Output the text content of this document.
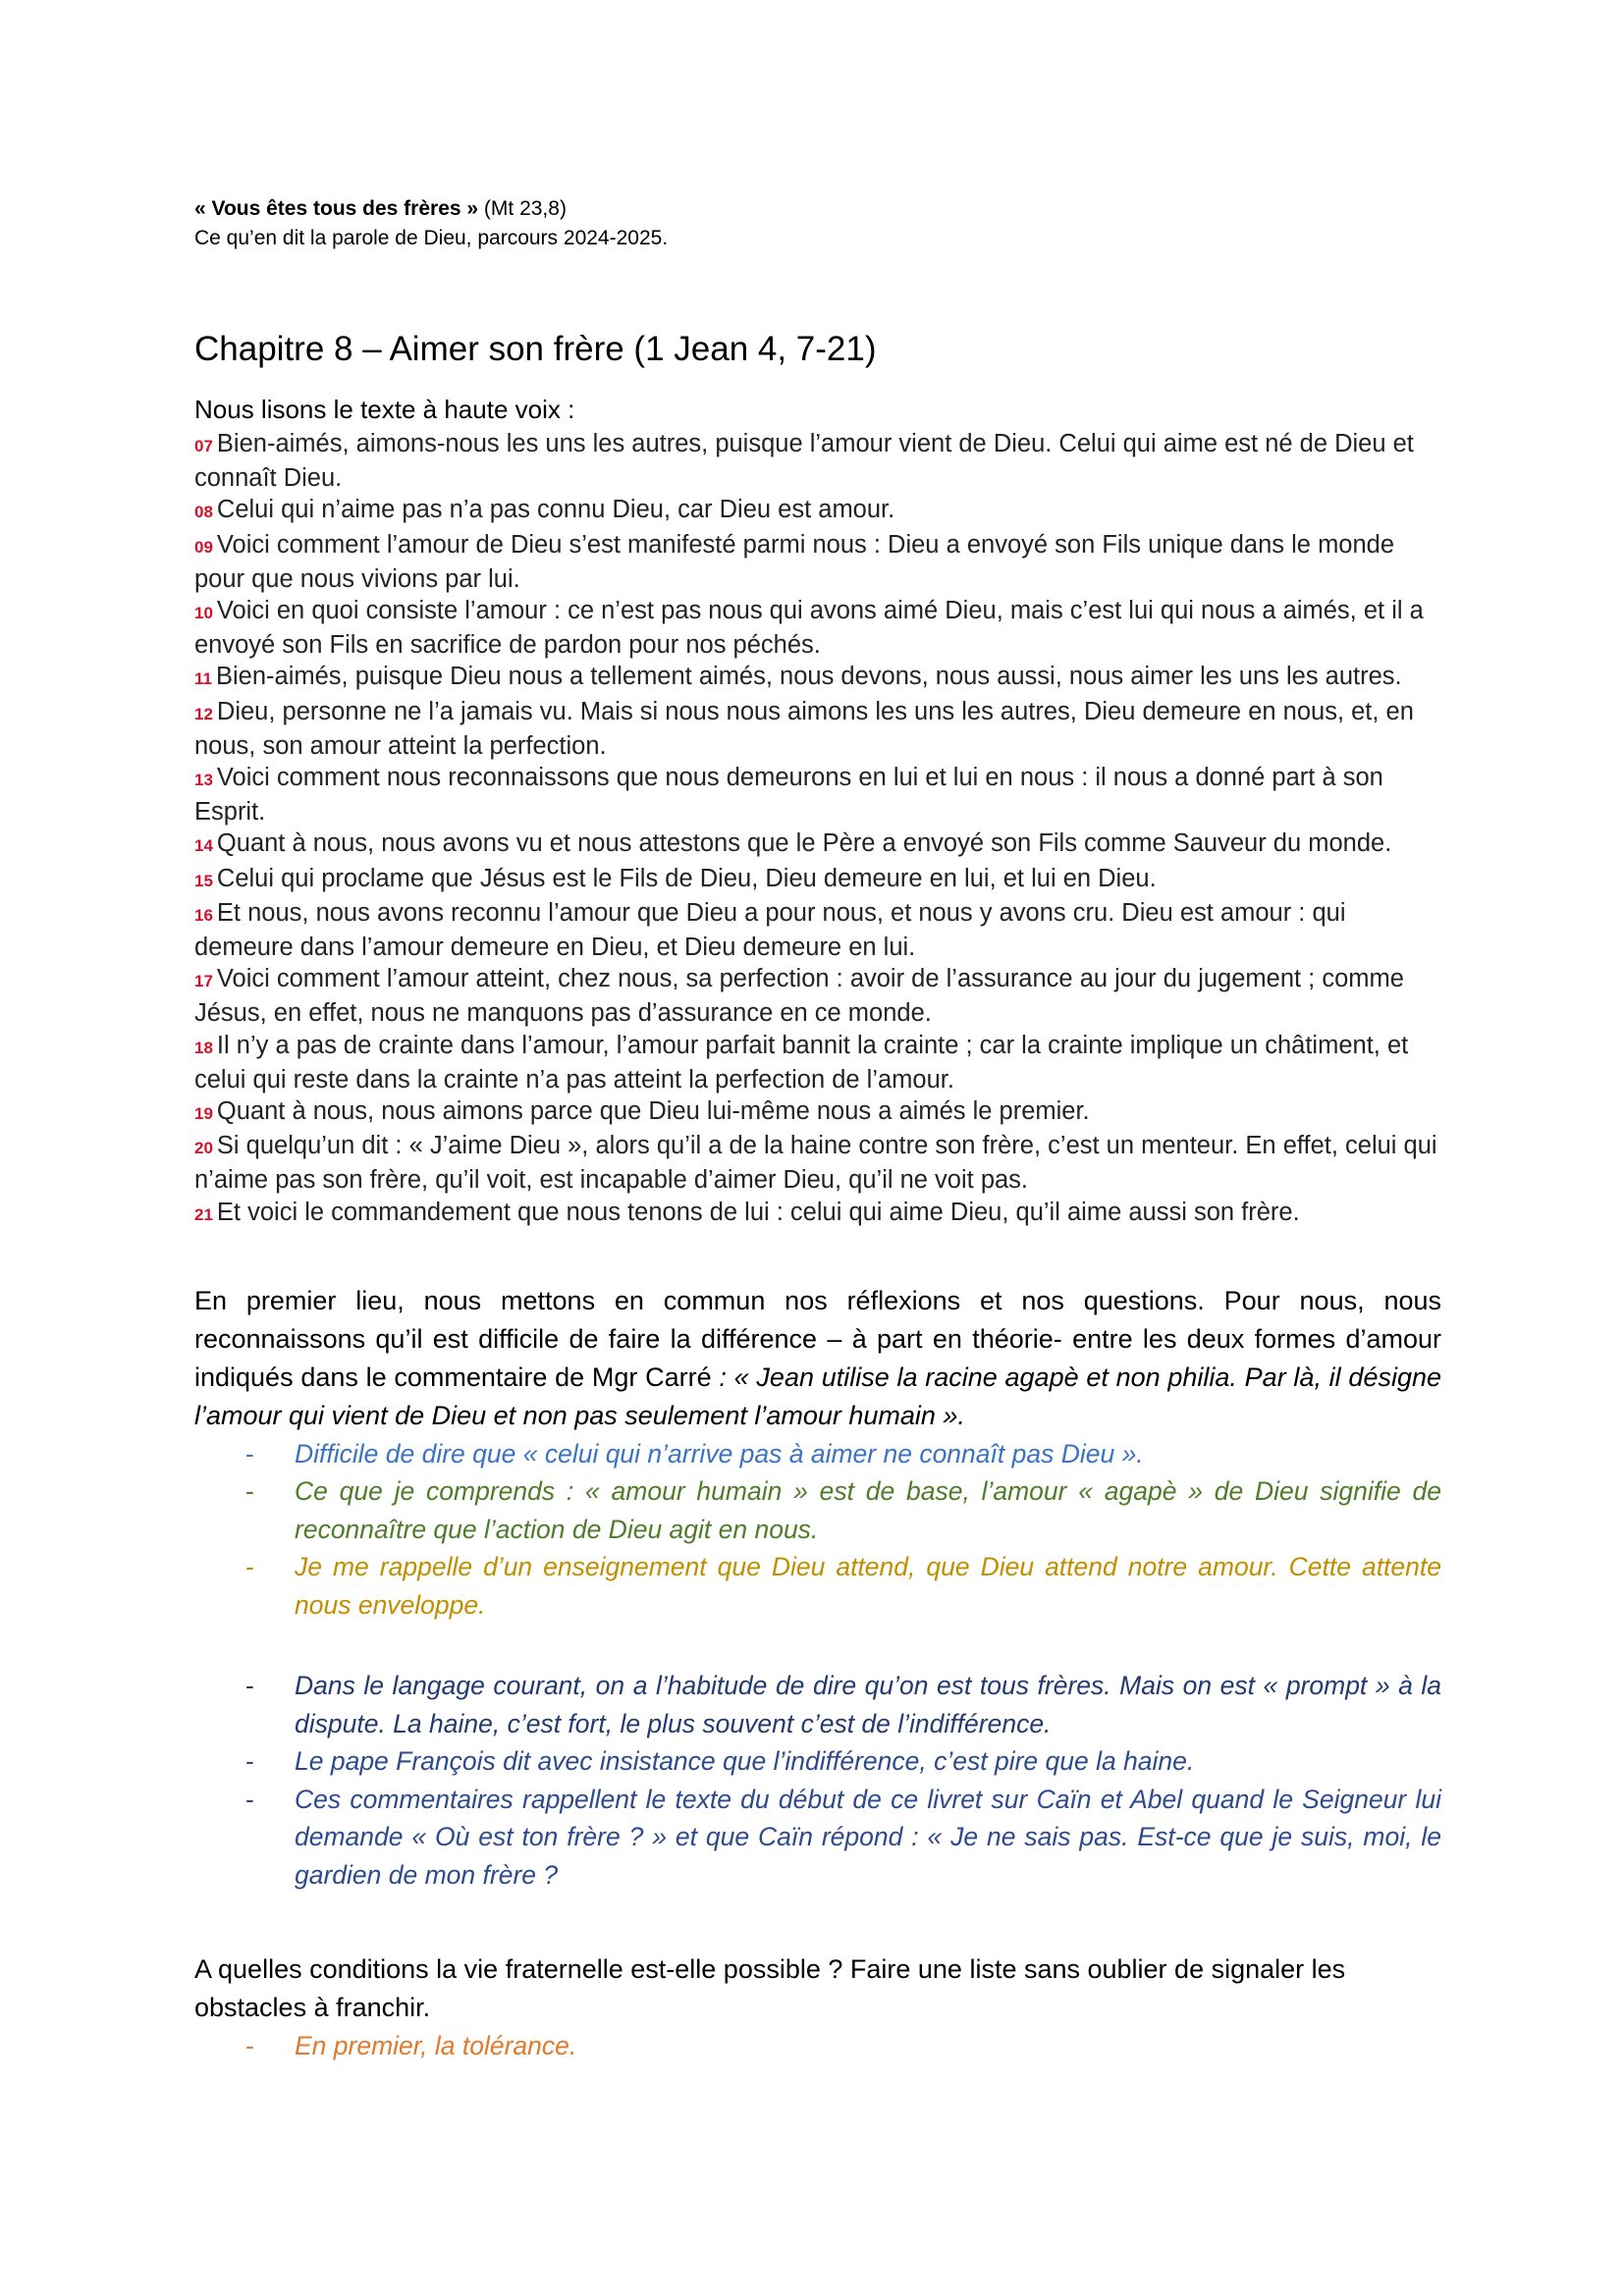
« Vous êtes tous des frères » (Mt 23,8)
Ce qu’en dit la parole de Dieu, parcours 2024-2025.
Chapitre 8 – Aimer son frère (1 Jean 4, 7-21)
Nous lisons le texte à haute voix :
07 Bien-aimés, aimons-nous les uns les autres, puisque l’amour vient de Dieu. Celui qui aime est né de Dieu et connaît Dieu.
08 Celui qui n’aime pas n’a pas connu Dieu, car Dieu est amour.
09 Voici comment l’amour de Dieu s’est manifesté parmi nous : Dieu a envoyé son Fils unique dans le monde pour que nous vivions par lui.
10 Voici en quoi consiste l’amour : ce n’est pas nous qui avons aimé Dieu, mais c’est lui qui nous a aimés, et il a envoyé son Fils en sacrifice de pardon pour nos péchés.
11 Bien-aimés, puisque Dieu nous a tellement aimés, nous devons, nous aussi, nous aimer les uns les autres.
12 Dieu, personne ne l’a jamais vu. Mais si nous nous aimons les uns les autres, Dieu demeure en nous, et, en nous, son amour atteint la perfection.
13 Voici comment nous reconnaissons que nous demeurons en lui et lui en nous : il nous a donné part à son Esprit.
14 Quant à nous, nous avons vu et nous attestons que le Père a envoyé son Fils comme Sauveur du monde.
15 Celui qui proclame que Jésus est le Fils de Dieu, Dieu demeure en lui, et lui en Dieu.
16 Et nous, nous avons reconnu l’amour que Dieu a pour nous, et nous y avons cru. Dieu est amour : qui demeure dans l’amour demeure en Dieu, et Dieu demeure en lui.
17 Voici comment l’amour atteint, chez nous, sa perfection : avoir de l’assurance au jour du jugement ; comme Jésus, en effet, nous ne manquons pas d’assurance en ce monde.
18 Il n’y a pas de crainte dans l’amour, l’amour parfait bannit la crainte ; car la crainte implique un châtiment, et celui qui reste dans la crainte n’a pas atteint la perfection de l’amour.
19 Quant à nous, nous aimons parce que Dieu lui-même nous a aimés le premier.
20 Si quelqu’un dit : « J’aime Dieu », alors qu’il a de la haine contre son frère, c’est un menteur. En effet, celui qui n’aime pas son frère, qu’il voit, est incapable d’aimer Dieu, qu’il ne voit pas.
21 Et voici le commandement que nous tenons de lui : celui qui aime Dieu, qu’il aime aussi son frère.
En premier lieu, nous mettons en commun nos réflexions et nos questions. Pour nous, nous reconnaissons qu’il est difficile de faire la différence – à part en théorie- entre les deux formes d’amour indiqués dans le commentaire de Mgr Carré : « Jean utilise la racine agapè et non philia. Par là, il désigne l’amour qui vient de Dieu et non pas seulement l’amour humain ».
- Difficile de dire que « celui qui n’arrive pas à aimer ne connaît pas Dieu ».
- Ce que je comprends : « amour humain » est de base, l’amour « agapè » de Dieu signifie de reconnaître que l’action de Dieu agit en nous.
- Je me rappelle d’un enseignement que Dieu attend, que Dieu attend notre amour. Cette attente nous enveloppe.
- Dans le langage courant, on a l’habitude de dire qu’on est tous frères. Mais on est « prompt » à la dispute. La haine, c’est fort, le plus souvent c’est de l’indifférence.
- Le pape François dit avec insistance que l’indifférence, c’est pire que la haine.
- Ces commentaires rappellent le texte du début de ce livret sur Caïn et Abel quand le Seigneur lui demande « Où est ton frère ? » et que Caïn répond : « Je ne sais pas. Est-ce que je suis, moi, le gardien de mon frère ?
A quelles conditions la vie fraternelle est-elle possible ? Faire une liste sans oublier de signaler les obstacles à franchir.
- En premier, la tolérance.
